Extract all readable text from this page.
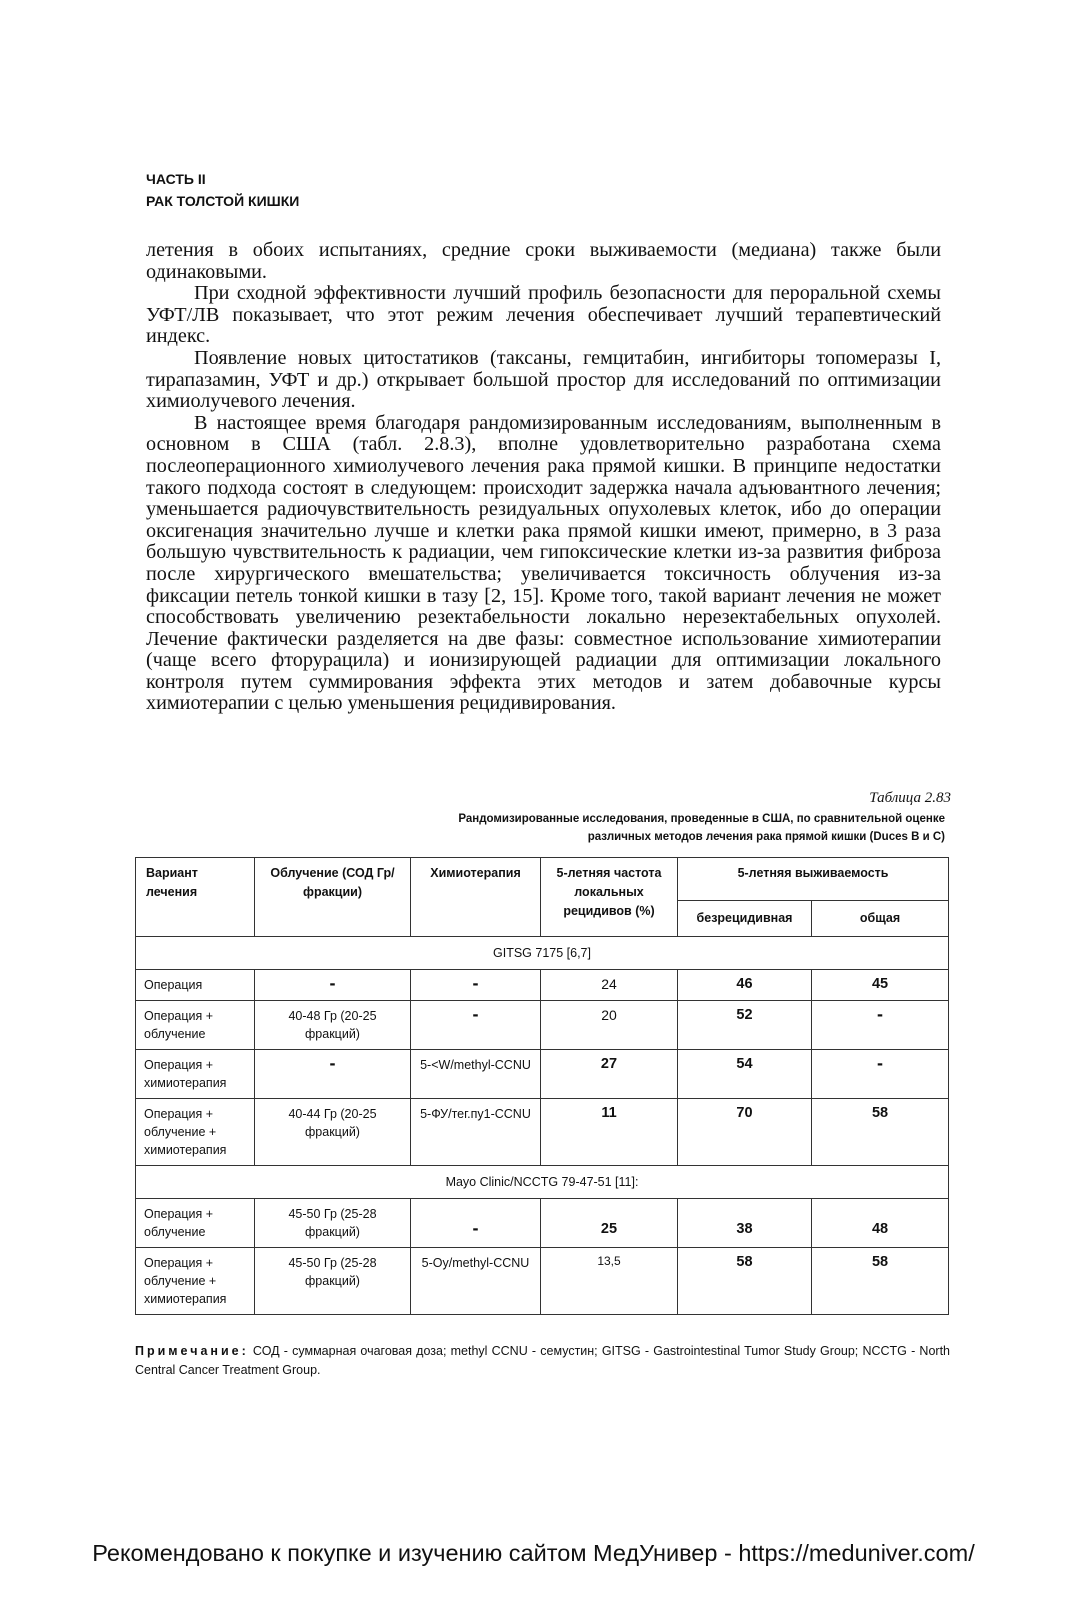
ЧАСТЬ II
РАК ТОЛСТОЙ КИШКИ

летения в обоих испытаниях, средние сроки выживаемости (медиана) также были одинаковыми.

При сходной эффективности лучший профиль безопасности для пероральной схемы УФТ/ЛВ показывает, что этот режим лечения обеспечивает лучший терапевтический индекс.

Появление новых цитостатиков (таксаны, гемцитабин, ингибиторы топомеразы I, тирапазамин, УФТ и др.) открывает большой простор для исследований по оптимизации химиолучевого лечения.

В настоящее время благодаря рандомизированным исследованиям, выполненным в основном в США (табл. 2.8.3), вполне удовлетворительно разработана схема послеоперационного химиолучевого лечения рака прямой кишки. В принципе недостатки такого подхода состоят в следующем: происходит задержка начала адъювантного лечения; уменьшается радиочувствительность резидуальных опухолевых клеток, ибо до операции оксигенация значительно лучше и клетки рака прямой кишки имеют, примерно, в 3 раза большую чувствительность к радиации, чем гипоксические клетки из-за развития фиброза после хирургического вмешательства; увеличивается токсичность облучения из-за фиксации петель тонкой кишки в тазу [2, 15]. Кроме того, такой вариант лечения не может способствовать увеличению резектабельности локально нерезектабельных опухолей. Лечение фактически разделяется на две фазы: совместное использование химиотерапии (чаще всего фторурацила) и ионизирующей радиации для оптимизации локального контроля путем суммирования эффекта этих методов и затем добавочные курсы химиотерапии с целью уменьшения рецидивирования.

Таблица 2.83
Рандомизированные исследования, проведенные в США, по сравнительной оценке
различных методов лечения рака прямой кишки (Duces B и C)
Вариант лечения	Облучение (СОД Гр/фракции)	Химиотерапия	5-летняя частота локальных рецидивов (%)	5-летняя выживаемость	
				безрецидивная	общая
GITSG 7175 [6,7]					
Операция	-	-	24	46	45
Операция + облучение	40-48 Гр (20-25 фракций)	-	20	52	-
Операция + химиотерапия	-	5-<W/methyl-CCNU	27	54	-
Операция + облучение + химиотерапия	40-44 Гр (20-25 фракций)	5-ФУ/тег.пу1-CCNU	11	70	58
Mayo Clinic/NCCTG 79-47-51 [11]:					
Операция + облучение	45-50 Гр (25-28 фракций)	-	25	38	48
Операция + облучение + химиотерапия	45-50 Гр (25-28 фракций)	5-Оу/methyl-CCNU	13,5	58	58
Примечание: СОД - суммарная очаговая доза; methyl CCNU - семустин; GITSG - Gastrointestinal Tumor Study Group; NCCTG - North Central Cancer Treatment Group.
Рекомендовано к покупке и изучению сайтом МедУнивер - https://meduniver.com/
